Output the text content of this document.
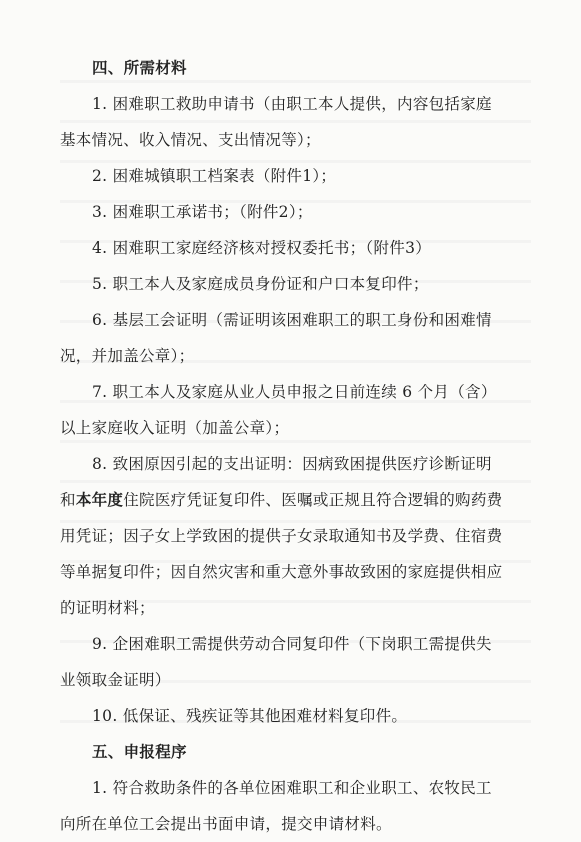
四、所需材料
1. 困难职工救助申请书（由职工本人提供，内容包括家庭
基本情况、收入情况、支出情况等）；
2. 困难城镇职工档案表（附件1）；
3. 困难职工承诺书；（附件2）；
4. 困难职工家庭经济核对授权委托书；（附件3）
5. 职工本人及家庭成员身份证和户口本复印件；
6. 基层工会证明（需证明该困难职工的职工身份和困难情
况，并加盖公章）；
7. 职工本人及家庭从业人员申报之日前连续 6 个月（含）
以上家庭收入证明（加盖公章）；
8. 致困原因引起的支出证明：因病致困提供医疗诊断证明
和本年度住院医疗凭证复印件、医嘱或正规且符合逻辑的购药费
用凭证；因子女上学致困的提供子女录取通知书及学费、住宿费
等单据复印件；因自然灾害和重大意外事故致困的家庭提供相应
的证明材料；
9. 企困难职工需提供劳动合同复印件（下岗职工需提供失
业领取金证明）
10. 低保证、残疾证等其他困难材料复印件。
五、申报程序
1. 符合救助条件的各单位困难职工和企业职工、农牧民工
向所在单位工会提出书面申请，提交申请材料。
